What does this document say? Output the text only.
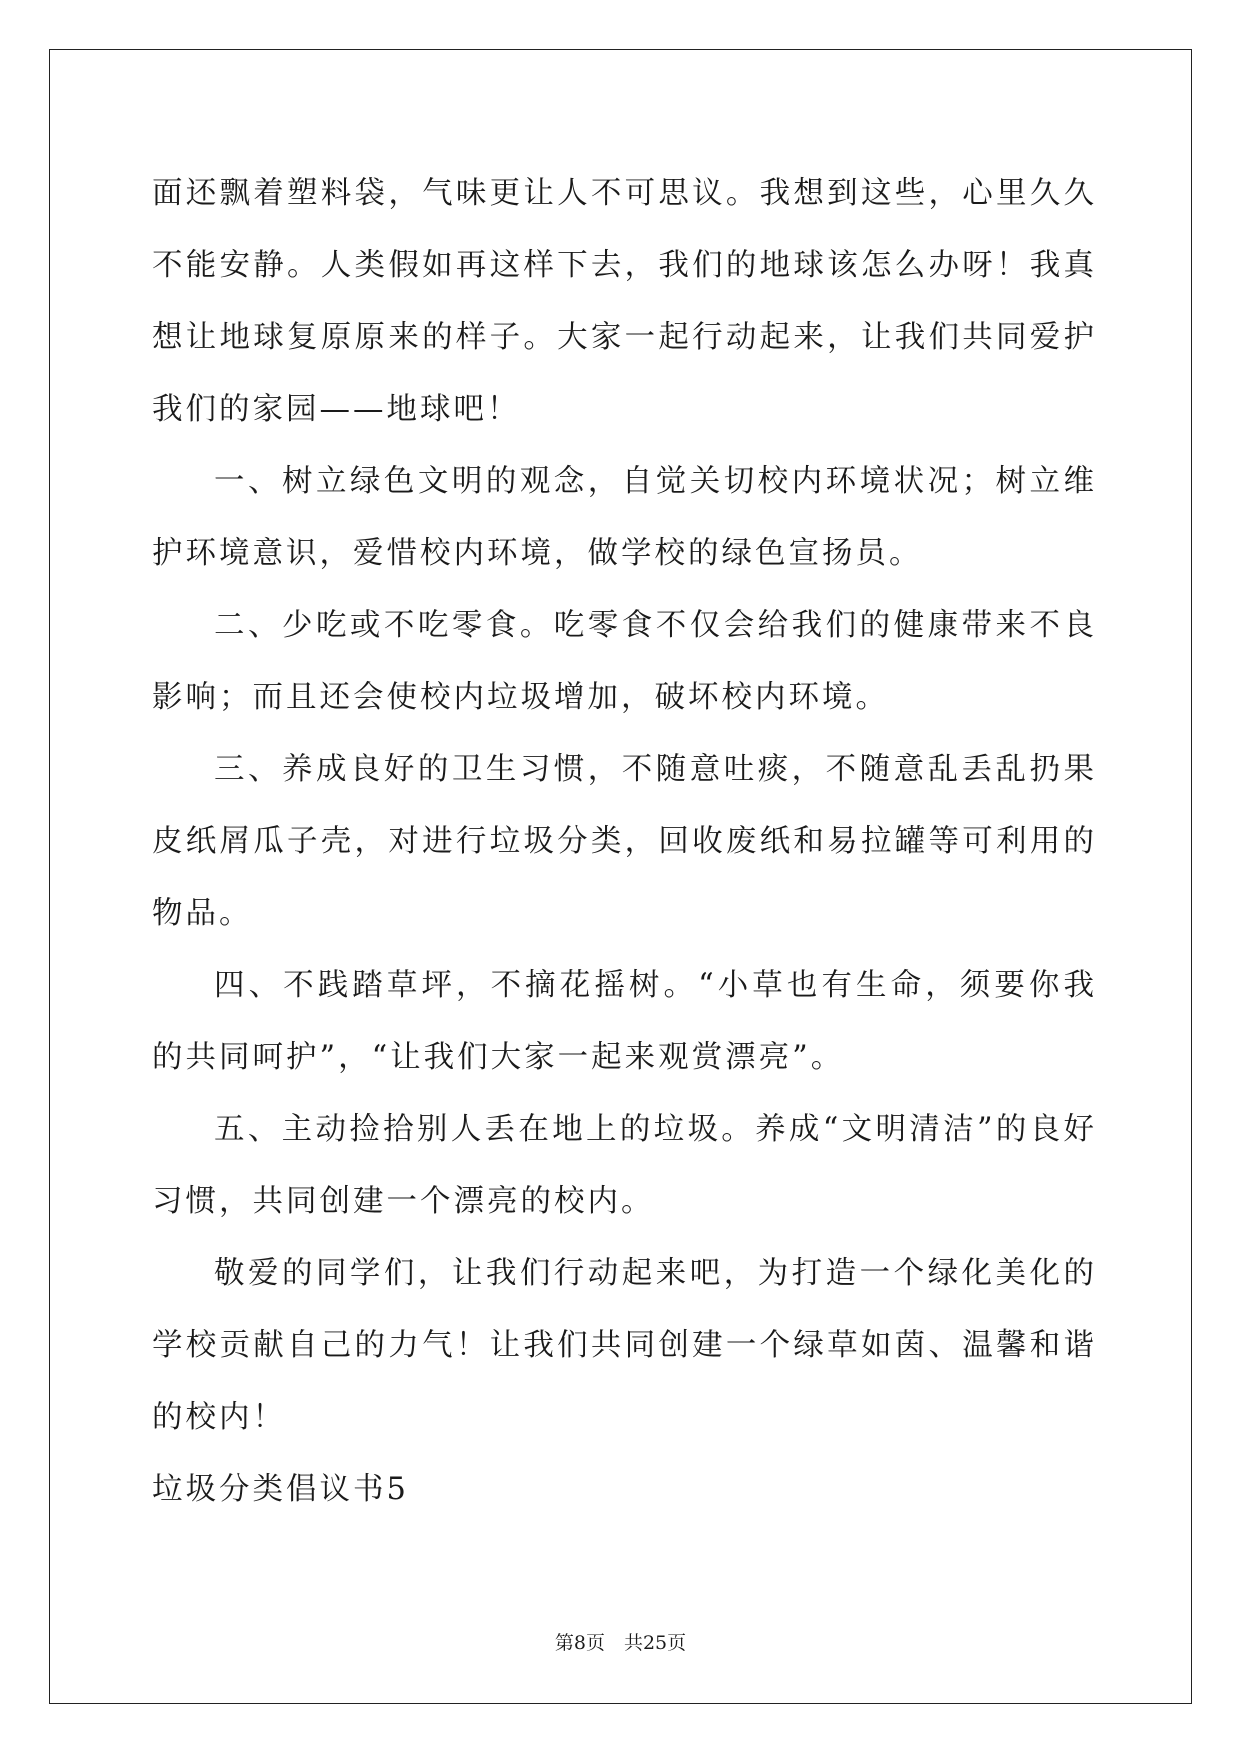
面还飘着塑料袋，气味更让人不可思议。我想到这些，心里久久不能安静。人类假如再这样下去，我们的地球该怎么办呀！我真想让地球复原原来的样子。大家一起行动起来，让我们共同爱护我们的家园——地球吧！

一、树立绿色文明的观念，自觉关切校内环境状况；树立维护环境意识，爱惜校内环境，做学校的绿色宣扬员。

二、少吃或不吃零食。吃零食不仅会给我们的健康带来不良影响；而且还会使校内垃圾增加，破坏校内环境。

三、养成良好的卫生习惯，不随意吐痰，不随意乱丢乱扔果皮纸屑瓜子壳，对进行垃圾分类，回收废纸和易拉罐等可利用的物品。

四、不践踏草坪，不摘花摇树。“小草也有生命，须要你我的共同呵护”，“让我们大家一起来观赏漂亮”。

五、主动捡拾别人丢在地上的垃圾。养成“文明清洁”的良好习惯，共同创建一个漂亮的校内。

敬爱的同学们，让我们行动起来吧，为打造一个绿化美化的学校贡献自己的力气！让我们共同创建一个绿草如茵、温馨和谐的校内！

垃圾分类倡议书5

第8页　共25页
